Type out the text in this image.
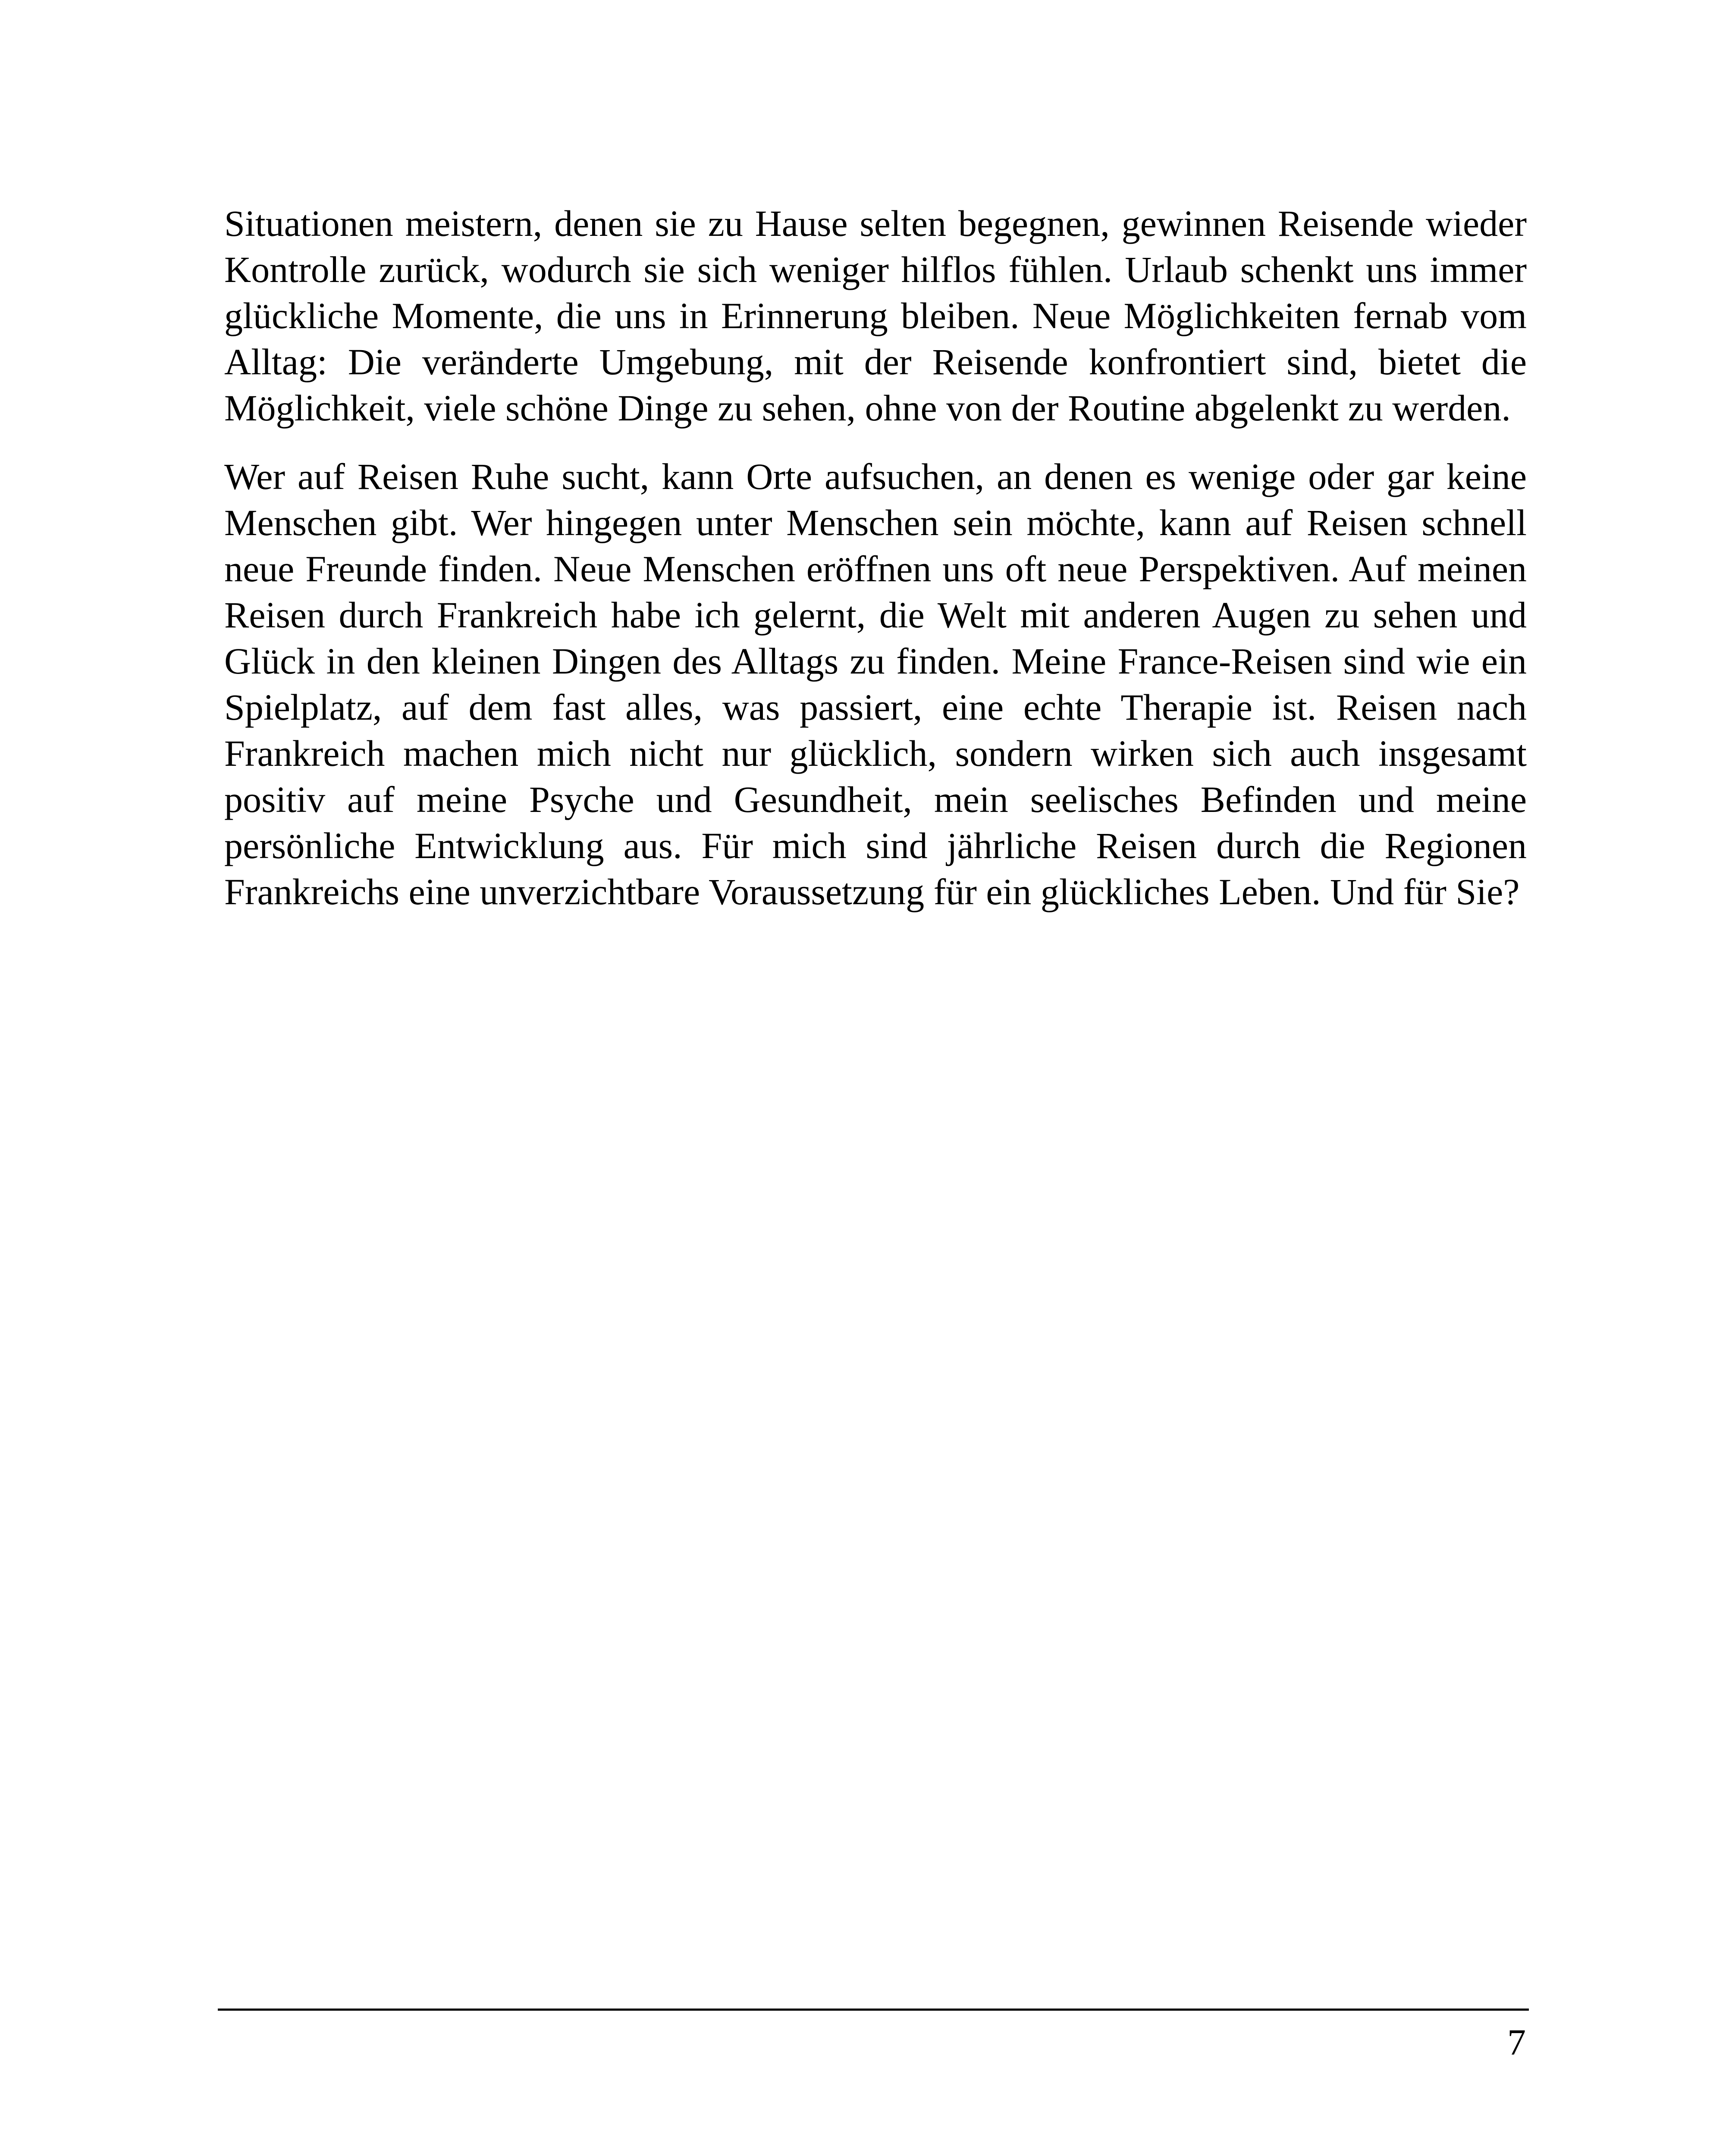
Situationen meistern, denen sie zu Hause selten begegnen, gewinnen Reisende wieder Kontrolle zurück, wodurch sie sich weniger hilflos fühlen. Urlaub schenkt uns immer glückliche Momente, die uns in Erinnerung bleiben. Neue Möglichkeiten fernab vom Alltag: Die veränderte Umgebung, mit der Reisende konfrontiert sind, bietet die Möglichkeit, viele schöne Dinge zu sehen, ohne von der Routine abgelenkt zu werden.

Wer auf Reisen Ruhe sucht, kann Orte aufsuchen, an denen es wenige oder gar keine Menschen gibt. Wer hingegen unter Menschen sein möchte, kann auf Reisen schnell neue Freunde finden. Neue Menschen eröffnen uns oft neue Perspektiven. Auf meinen Reisen durch Frankreich habe ich gelernt, die Welt mit anderen Augen zu sehen und Glück in den kleinen Dingen des Alltags zu finden. Meine France-Reisen sind wie ein Spielplatz, auf dem fast alles, was passiert, eine echte Therapie ist. Reisen nach Frankreich machen mich nicht nur glücklich, sondern wirken sich auch insgesamt positiv auf meine Psyche und Gesundheit, mein seelisches Befinden und meine persönliche Entwicklung aus. Für mich sind jährliche Reisen durch die Regionen Frankreichs eine unverzichtbare Voraussetzung für ein glückliches Leben. Und für Sie?

7
